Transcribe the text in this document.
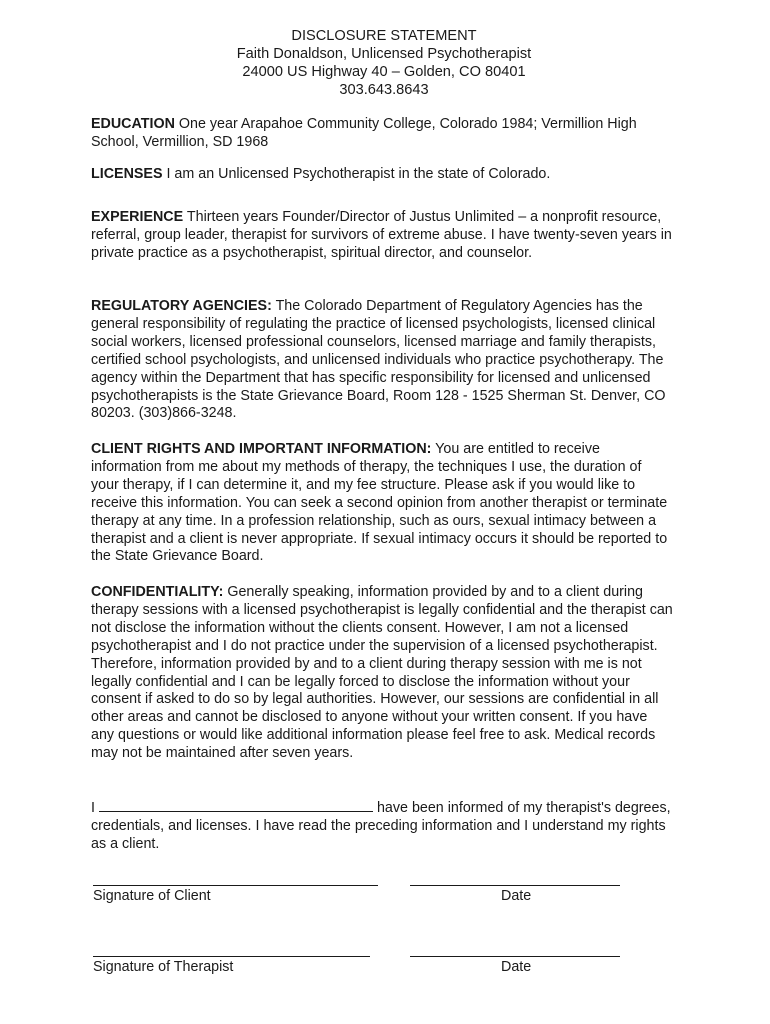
DISCLOSURE STATEMENT
Faith Donaldson, Unlicensed Psychotherapist
24000 US Highway 40 – Golden, CO 80401
303.643.8643
EDUCATION One year Arapahoe Community College, Colorado 1984; Vermillion High School, Vermillion, SD 1968
LICENSES I am an Unlicensed Psychotherapist in the state of Colorado.
EXPERIENCE Thirteen years Founder/Director of Justus Unlimited – a nonprofit resource, referral, group leader, therapist for survivors of extreme abuse. I have twenty-seven years in private practice as a psychotherapist, spiritual director, and counselor.
REGULATORY AGENCIES: The Colorado Department of Regulatory Agencies has the general responsibility of regulating the practice of licensed psychologists, licensed clinical social workers, licensed professional counselors, licensed marriage and family therapists, certified school psychologists, and unlicensed individuals who practice psychotherapy. The agency within the Department that has specific responsibility for licensed and unlicensed psychotherapists is the State Grievance Board, Room 128 - 1525 Sherman St. Denver, CO 80203. (303)866-3248.
CLIENT RIGHTS AND IMPORTANT INFORMATION: You are entitled to receive information from me about my methods of therapy, the techniques I use, the duration of your therapy, if I can determine it, and my fee structure. Please ask if you would like to receive this information. You can seek a second opinion from another therapist or terminate therapy at any time. In a profession relationship, such as ours, sexual intimacy between a therapist and a client is never appropriate. If sexual intimacy occurs it should be reported to the State Grievance Board.
CONFIDENTIALITY: Generally speaking, information provided by and to a client during therapy sessions with a licensed psychotherapist is legally confidential and the therapist can not disclose the information without the clients consent. However, I am not a licensed psychotherapist and I do not practice under the supervision of a licensed psychotherapist. Therefore, information provided by and to a client during therapy session with me is not legally confidential and I can be legally forced to disclose the information without your consent if asked to do so by legal authorities. However, our sessions are confidential in all other areas and cannot be disclosed to anyone without your written consent. If you have any questions or would like additional information please feel free to ask. Medical records may not be maintained after seven years.
I	have been informed of my therapist's degrees, credentials, and licenses. I have read the preceding information and I understand my rights as a client.
Signature of Client	Date
Signature of Therapist	Date
